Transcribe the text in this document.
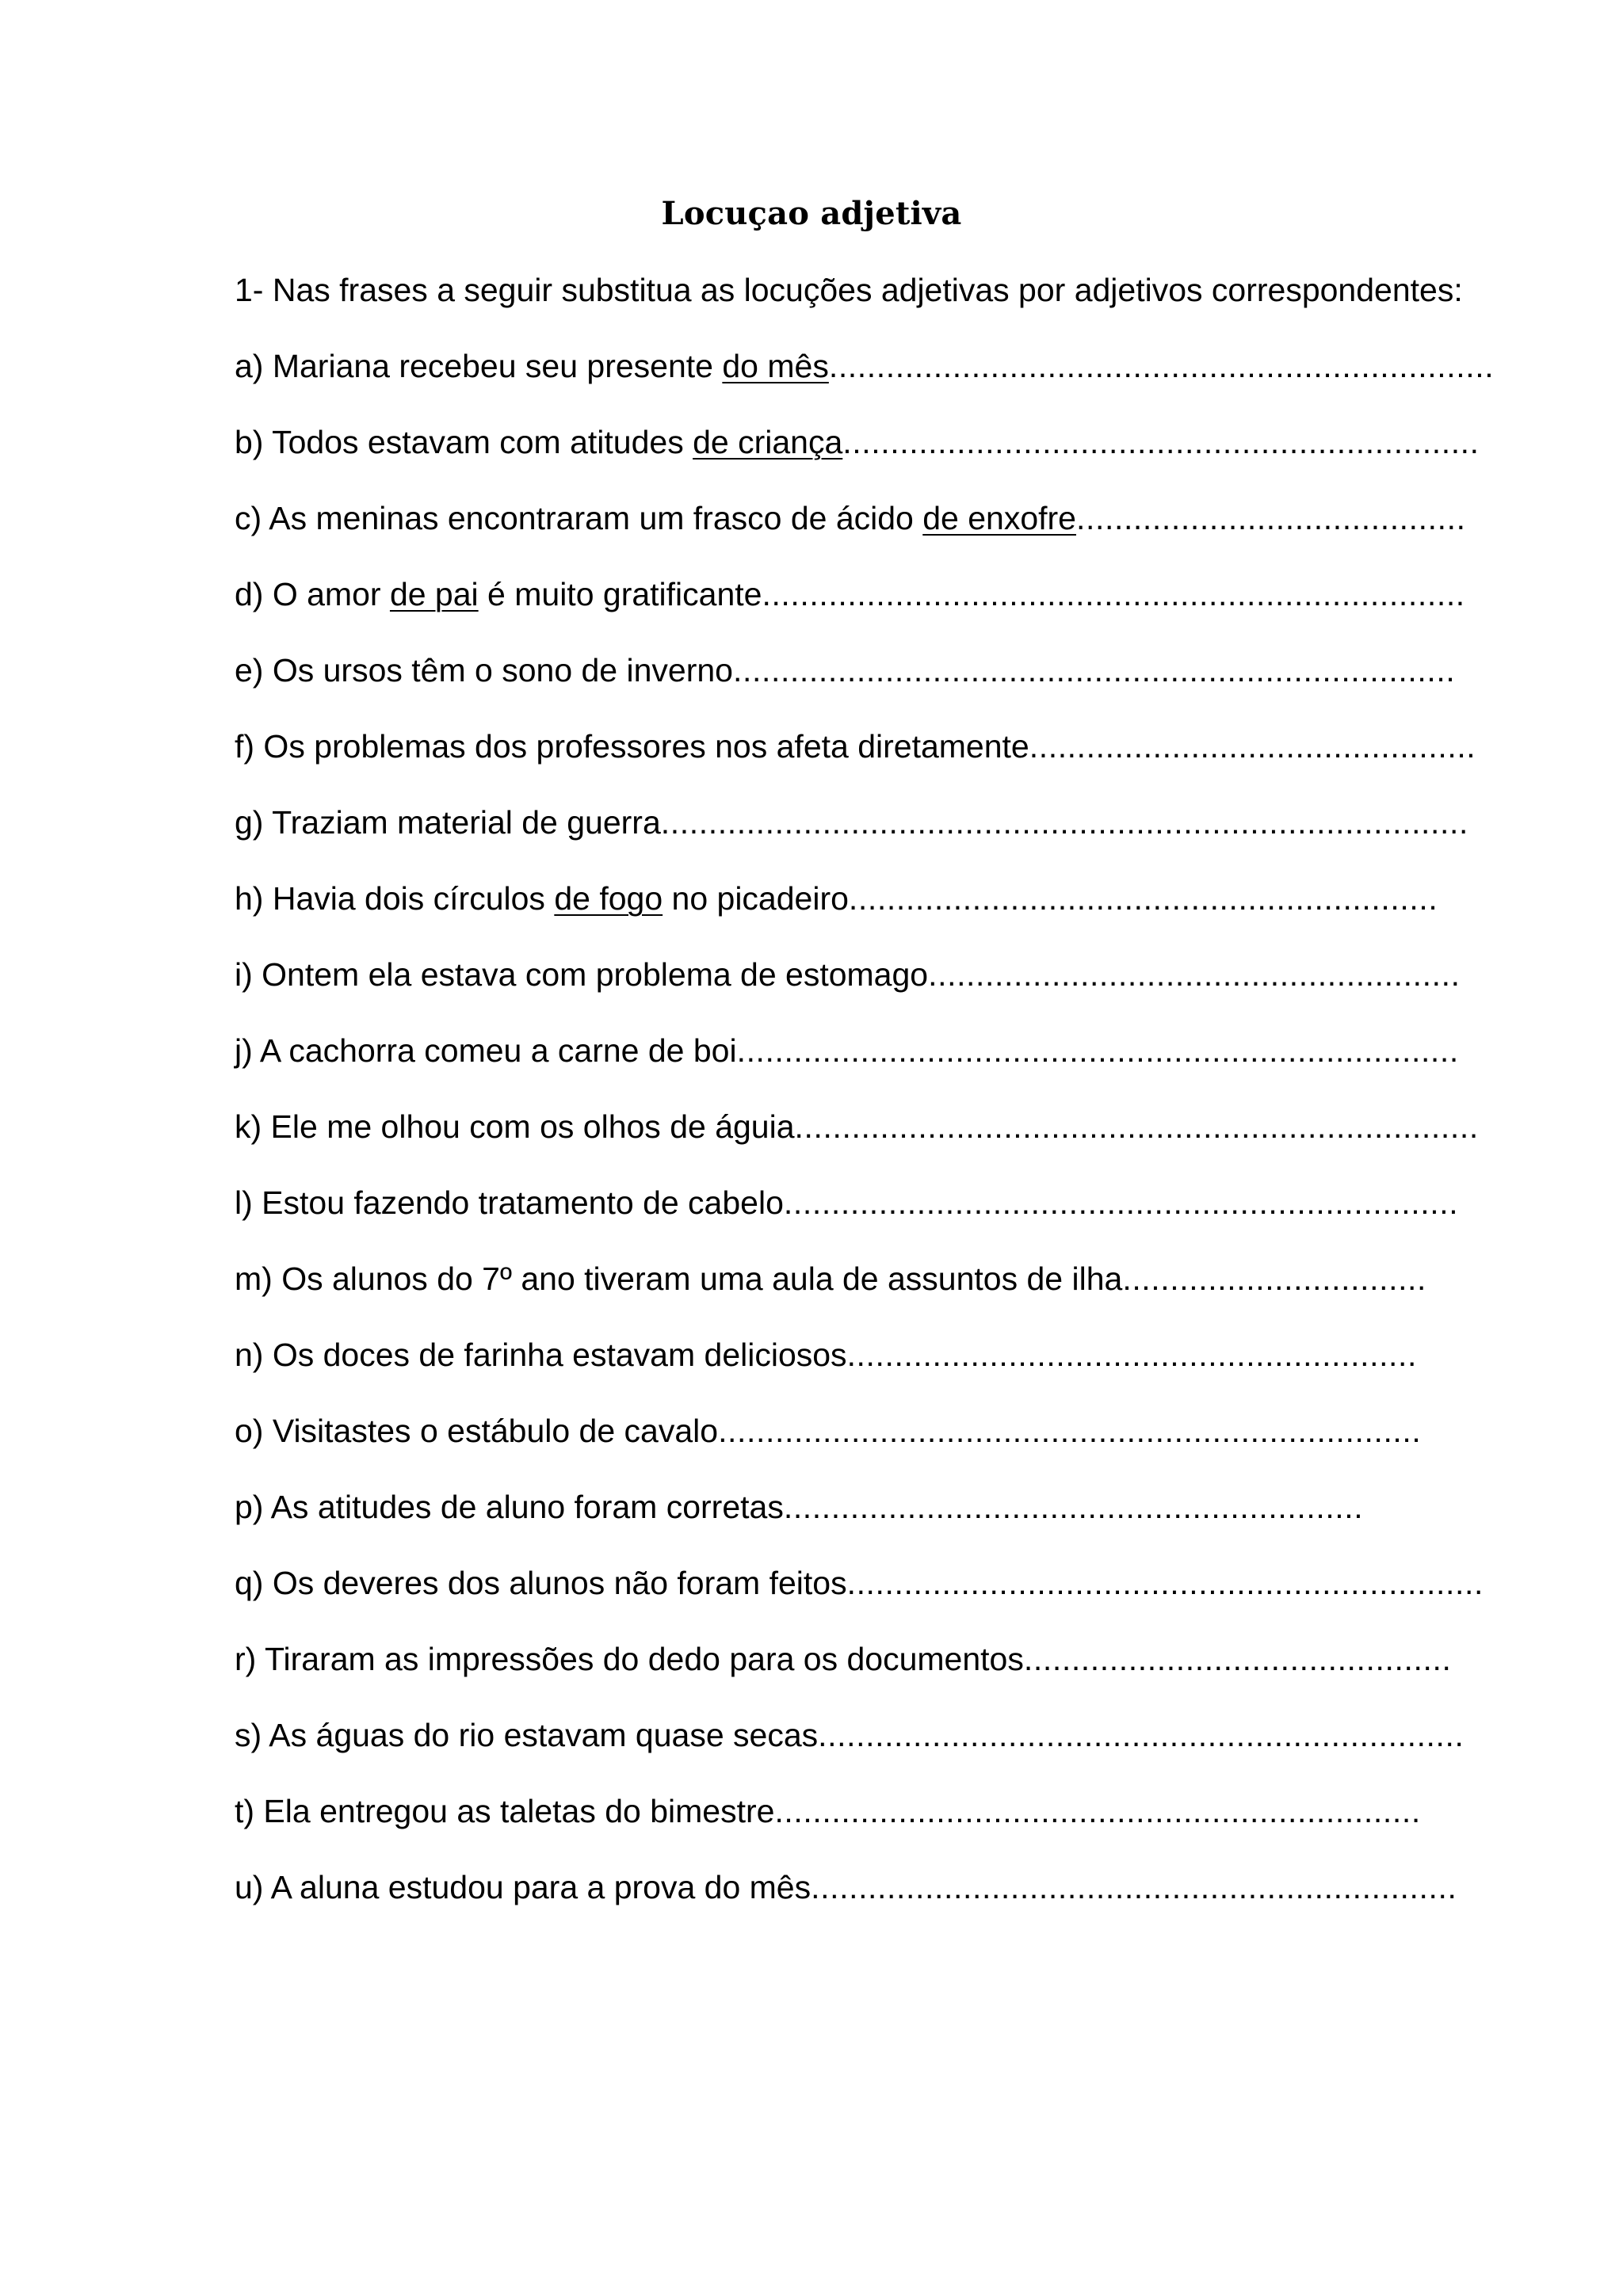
Locuçao adjetiva
1- Nas frases a seguir substitua as locuções adjetivas por adjetivos correspondentes:
a) Mariana recebeu seu presente do mês......................................................................
b) Todos estavam com atitudes de criança...................................................................
c) As meninas encontraram um frasco de ácido de enxofre.........................................
d) O amor de pai é muito gratificante..........................................................................
e) Os ursos têm o sono de inverno............................................................................
f) Os problemas dos professores nos afeta diretamente...............................................
g) Traziam material de guerra.....................................................................................
h) Havia dois círculos de fogo no picadeiro..............................................................
i) Ontem ela estava com problema de estomago........................................................
j) A cachorra comeu a carne de boi............................................................................
k) Ele me olhou com os olhos de águia........................................................................
l) Estou fazendo tratamento de cabelo.......................................................................
m) Os alunos do 7º ano tiveram uma aula de assuntos de ilha................................
n) Os doces de farinha estavam deliciosos............................................................
o) Visitastes o estábulo de cavalo..........................................................................
p) As atitudes de aluno foram corretas.............................................................
q) Os deveres dos alunos não foram feitos...................................................................
r) Tiraram as impressões do dedo para os documentos.............................................
s) As águas do rio estavam quase secas....................................................................
t) Ela entregou as taletas do bimestre....................................................................
u) A aluna estudou para a prova do mês....................................................................
